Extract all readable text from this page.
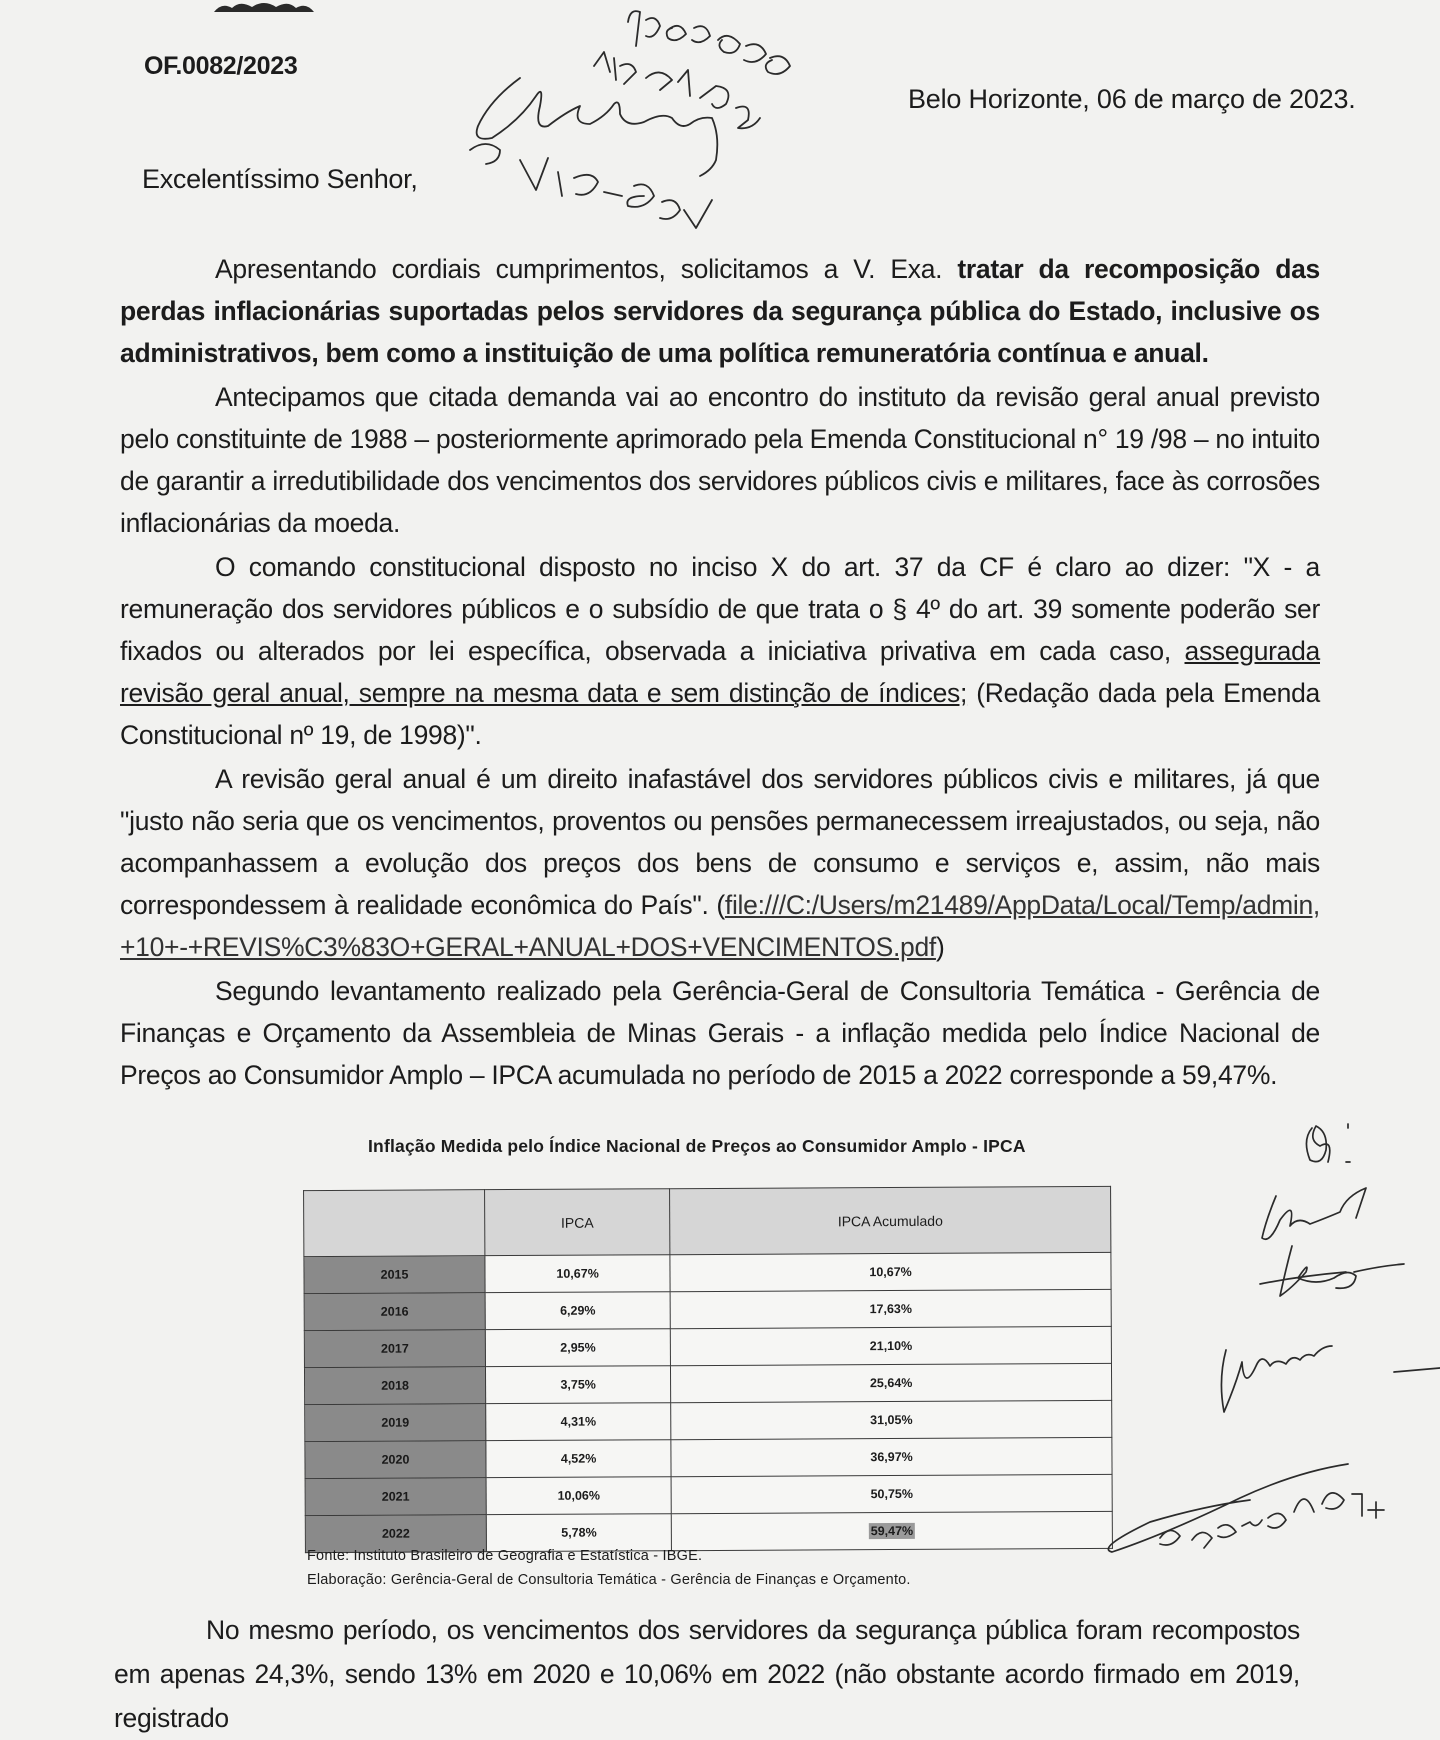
OF.0082/2023
Belo Horizonte, 06 de março de 2023.
Excelentíssimo Senhor,

Apresentando cordiais cumprimentos, solicitamos a V. Exa. tratar da recomposição das perdas inflacionárias suportadas pelos servidores da segurança pública do Estado, inclusive os administrativos, bem como a instituição de uma política remuneratória contínua e anual.

Antecipamos que citada demanda vai ao encontro do instituto da revisão geral anual previsto pelo constituinte de 1988 – posteriormente aprimorado pela Emenda Constitucional n° 19 /98 – no intuito de garantir a irredutibilidade dos vencimentos dos servidores públicos civis e militares, face às corrosões inflacionárias da moeda.

O comando constitucional disposto no inciso X do art. 37 da CF é claro ao dizer: "X - a remuneração dos servidores públicos e o subsídio de que trata o § 4º do art. 39 somente poderão ser fixados ou alterados por lei específica, observada a iniciativa privativa em cada caso, assegurada revisão geral anual, sempre na mesma data e sem distinção de índices; (Redação dada pela Emenda Constitucional nº 19, de 1998)".

A revisão geral anual é um direito inafastável dos servidores públicos civis e militares, já que "justo não seria que os vencimentos, proventos ou pensões permanecessem irreajustados, ou seja, não acompanhassem a evolução dos preços dos bens de consumo e serviços e, assim, não mais correspondessem à realidade econômica do País". (file:///C:/Users/m21489/AppData/Local/Temp/admin,+10+-+REVIS%C3%83O+GERAL+ANUAL+DOS+VENCIMENTOS.pdf)

Segundo levantamento realizado pela Gerência-Geral de Consultoria Temática - Gerência de Finanças e Orçamento da Assembleia de Minas Gerais - a inflação medida pelo Índice Nacional de Preços ao Consumidor Amplo – IPCA acumulada no período de 2015 a 2022 corresponde a 59,47%.

Inflação Medida pelo Índice Nacional de Preços ao Consumidor Amplo - IPCA
	IPCA	IPCA Acumulado
2015	10,67%	10,67%
2016	6,29%	17,63%
2017	2,95%	21,10%
2018	3,75%	25,64%
2019	4,31%	31,05%
2020	4,52%	36,97%
2021	10,06%	50,75%
2022	5,78%	59,47%
Fonte: Instituto Brasileiro de Geografia e Estatística - IBGE.
Elaboração: Gerência-Geral de Consultoria Temática - Gerência de Finanças e Orçamento.

No mesmo período, os vencimentos dos servidores da segurança pública foram recompostos em apenas 24,3%, sendo 13% em 2020 e 10,06% em 2022 (não obstante acordo firmado em 2019, registrado
